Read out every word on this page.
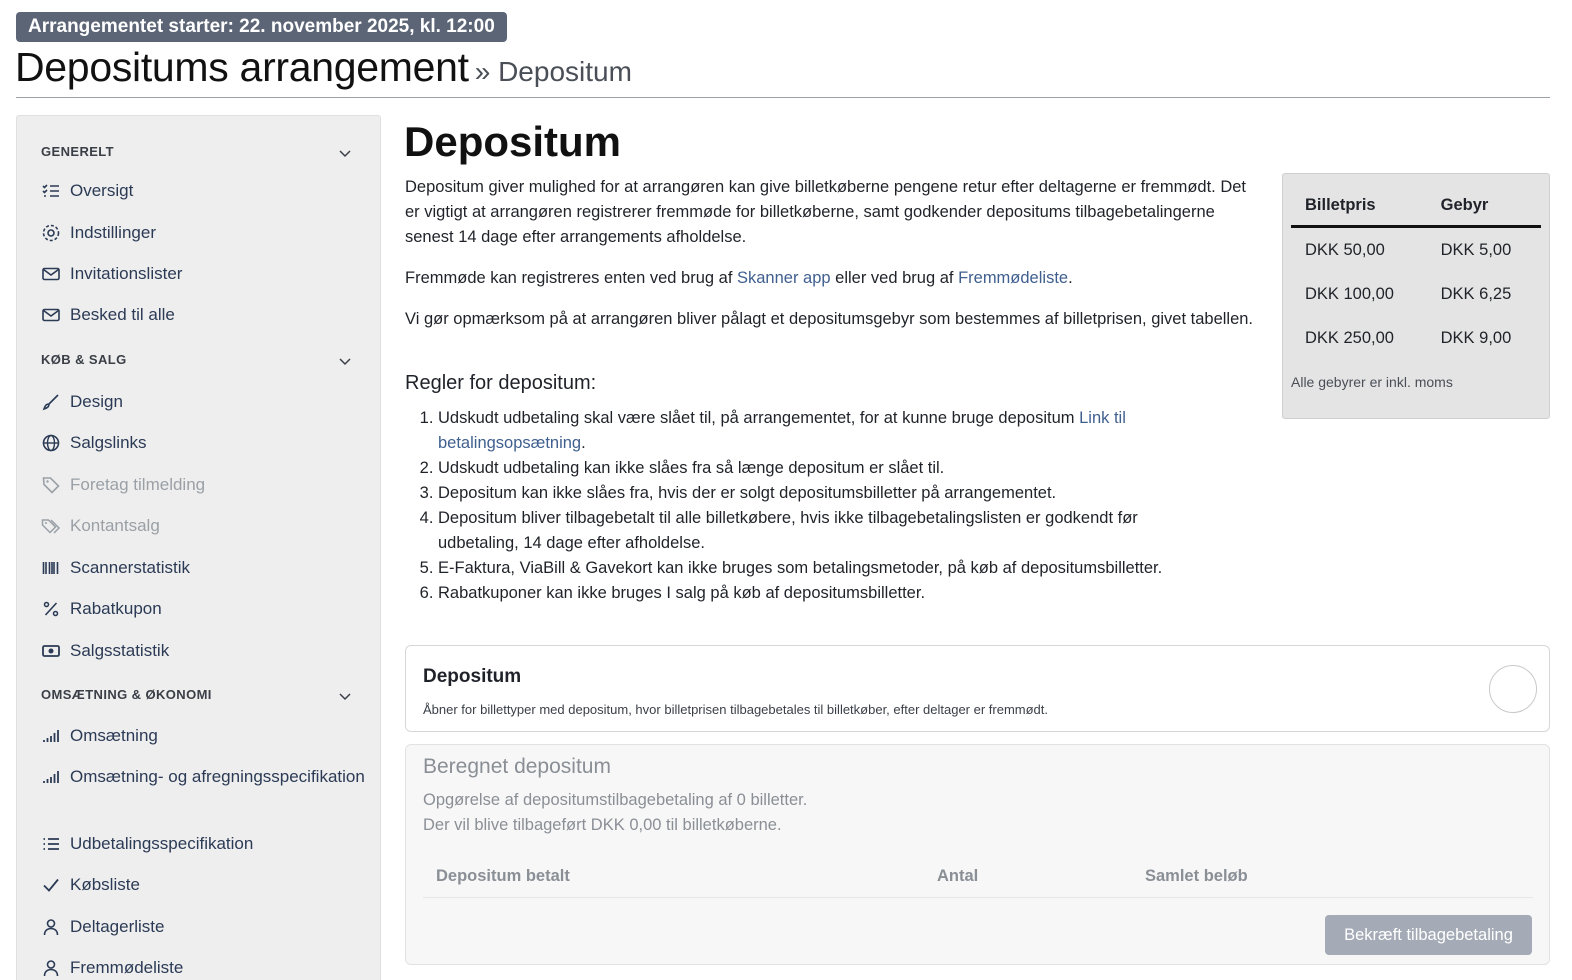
Arrangementet starter: 22. november 2025, kl. 12:00
Depositums arrangement » Depositum
GENERELT
Oversigt
Indstillinger
Invitationslister
Besked til alle
KØB & SALG
Design
Salgslinks
Foretag tilmelding
Kontantsalg
Scannerstatistik
Rabatkupon
Salgsstatistik
OMSÆTNING & ØKONOMI
Omsætning
Omsætning- og afregningsspecifikation
Udbetalingsspecifikation
Købsliste
Deltagerliste
Fremmødeliste
Depositum

Depositum giver mulighed for at arrangøren kan give billetkøberne pengene retur efter deltagerne er fremmødt. Det er vigtigt at arrangøren registrerer fremmøde for billetkøberne, samt godkender depositums tilbagebetalingerne senest 14 dage efter arrangements afholdelse.

Fremmøde kan registreres enten ved brug af Skanner app eller ved brug af Fremmødeliste.

Vi gør opmærksom på at arrangøren bliver pålagt et depositumsgebyr som bestemmes af billetprisen, givet tabellen.

Regler for depositum:
1. Udskudt udbetaling skal være slået til, på arrangementet, for at kunne bruge depositum Link til betalingsopsætning.
2. Udskudt udbetaling kan ikke slåes fra så længe depositum er slået til.
3. Depositum kan ikke slåes fra, hvis der er solgt depositumsbilletter på arrangementet.
4. Depositum bliver tilbagebetalt til alle billetkøbere, hvis ikke tilbagebetalingslisten er godkendt før udbetaling, 14 dage efter afholdelse.
5. E-Faktura, ViaBill & Gavekort kan ikke bruges som betalingsmetoder, på køb af depositumsbilletter.
6. Rabatkuponer kan ikke bruges I salg på køb af depositumsbilletter.
Billetpris	Gebyr
DKK 50,00	DKK 5,00
DKK 100,00	DKK 6,25
DKK 250,00	DKK 9,00
Alle gebyrer er inkl. moms
Depositum
Åbner for billettyper med depositum, hvor billetprisen tilbagebetales til billetkøber, efter deltager er fremmødt.
Beregnet depositum
Opgørelse af depositumstilbagebetaling af 0 billetter.
Der vil blive tilbageført DKK 0,00 til billetkøberne.
Depositum betalt	Antal	Samlet beløb
Bekræft tilbagebetaling
